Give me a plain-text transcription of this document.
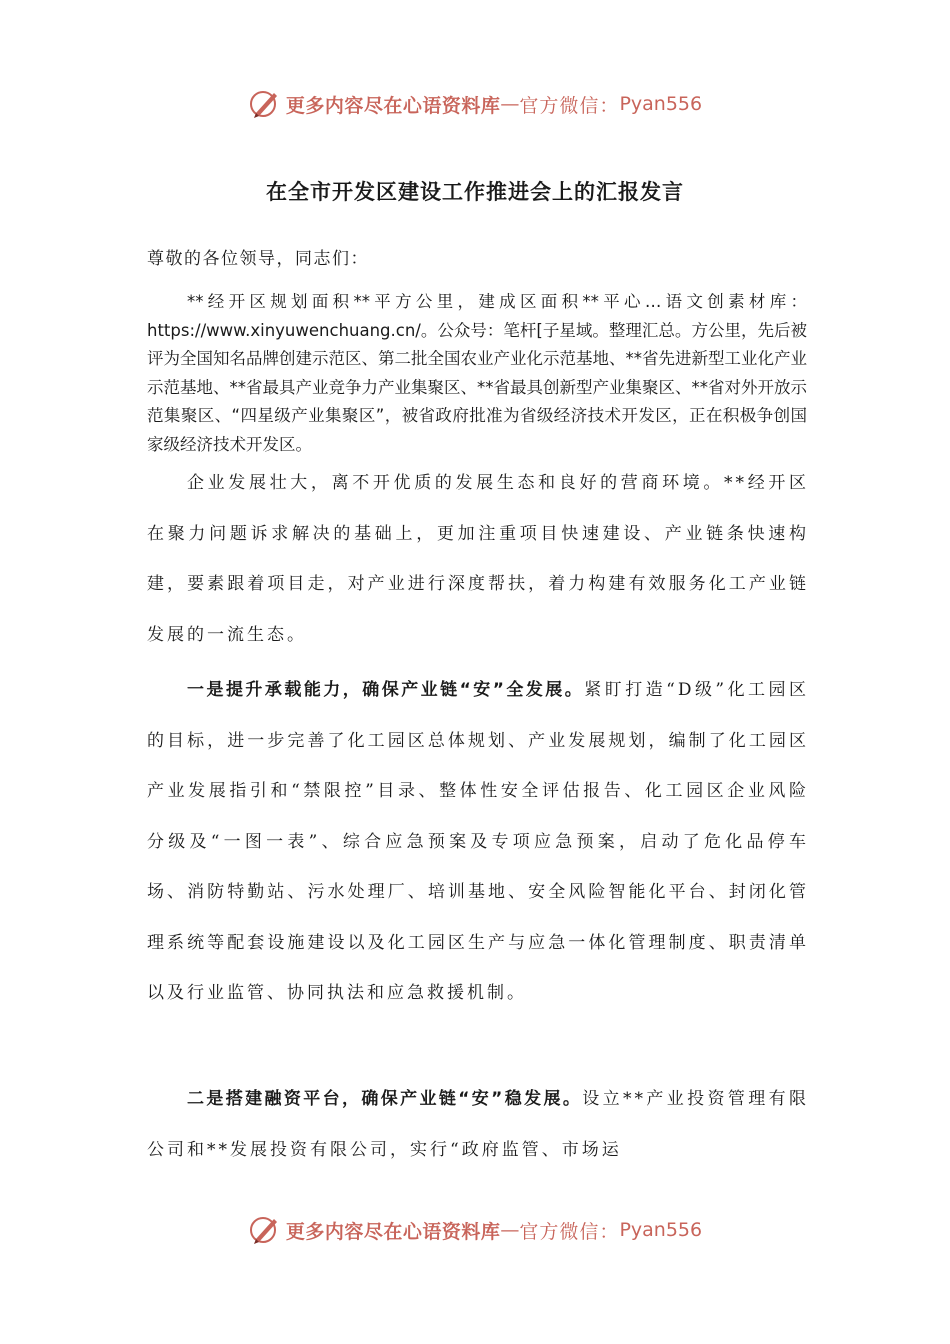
更多内容尽在心语资料库 — 官方微信： Pyan556
在全市开发区建设工作推进会上的汇报发言
尊敬的各位领导，同志们：
**经开区规划面积**平方公里，建成区面积**平心…语文创素材库：https://www.xinyuwenchuang.cn/。公众号：笔杆[子星域。整理汇总。方公里，先后被评为全国知名品牌创建示范区、第二批全国农业产业化示范基地、**省先进新型工业化产业示范基地、**省最具产业竞争力产业集聚区、**省最具创新型产业集聚区、**省对外开放示范集聚区、“四星级产业集聚区”，被省政府批准为省级经济技术开发区，正在积极争创国家级经济技术开发区。
企业发展壮大，离不开优质的发展生态和良好的营商环境。**经开区在聚力问题诉求解决的基础上，更加注重项目快速建设、产业链条快速构建，要素跟着项目走，对产业进行深度帮扶，着力构建有效服务化工产业链发展的一流生态。
一是提升承载能力，确保产业链“安”全发展。紧盯打造“D级”化工园区的目标，进一步完善了化工园区总体规划、产业发展规划，编制了化工园区产业发展指引和“禁限控”目录、整体性安全评估报告、化工园区企业风险分级及“一图一表”、综合应急预案及专项应急预案，启动了危化品停车场、消防特勤站、污水处理厂、培训基地、安全风险智能化平台、封闭化管理系统等配套设施建设以及化工园区生产与应急一体化管理制度、职责清单以及行业监管、协同执法和应急救援机制。
二是搭建融资平台，确保产业链“安”稳发展。设立**产业投资管理有限公司和**发展投资有限公司，实行“政府监管、市场运
更多内容尽在心语资料库 — 官方微信： Pyan556
